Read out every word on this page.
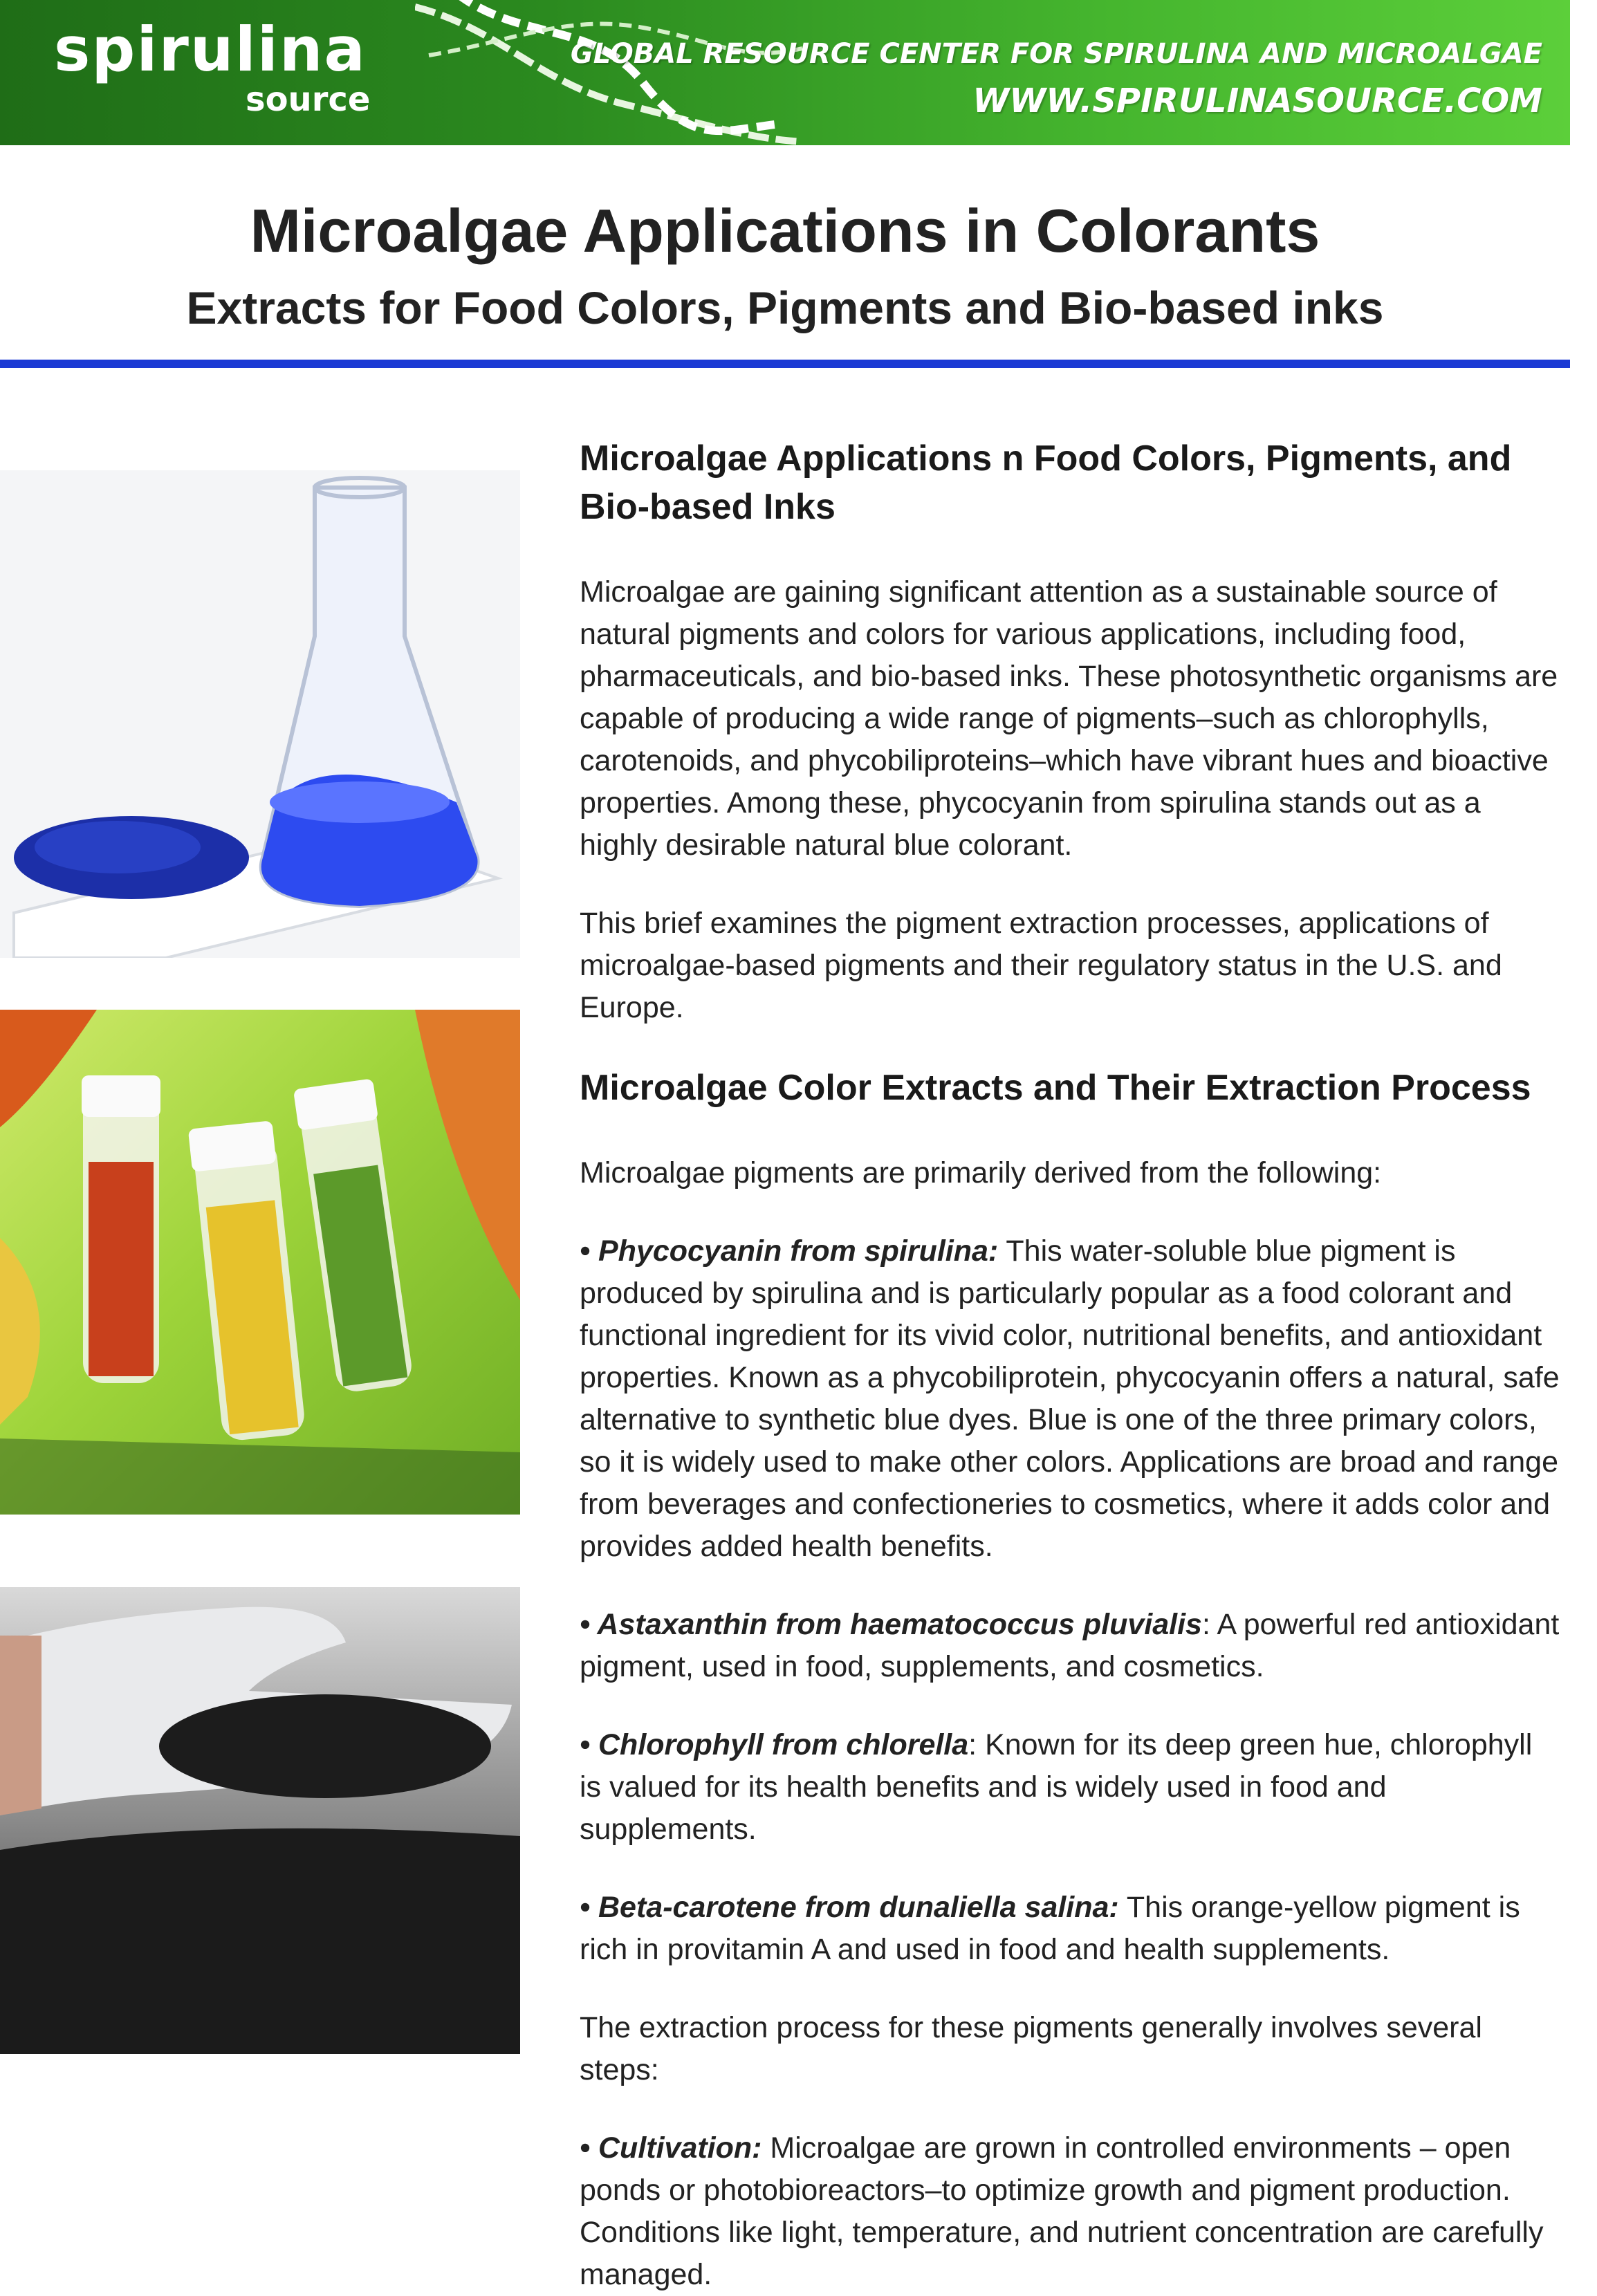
spirulina
source
GLOBAL RESOURCE CENTER FOR SPIRULINA AND MICROALGAE
WWW.SPIRULINASOURCE.COM
Microalgae Applications in Colorants
Extracts for Food Colors, Pigments and Bio-based inks
Microalgae Applications n Food Colors, Pigments, and Bio-based Inks

Microalgae are gaining significant attention as a sustainable source of natural pigments and colors for various applications, including food, pharmaceuticals, and bio-based inks. These photosynthetic organisms are capable of producing a wide range of pigments–such as chlorophylls, carotenoids, and phycobiliproteins–which have vibrant hues and bioactive properties. Among these, phycocyanin from spirulina stands out as a highly desirable natural blue colorant.

This brief examines the pigment extraction processes, applications of microalgae-based pigments and their regulatory status in the U.S. and Europe.

Microalgae Color Extracts and Their Extraction Process

Microalgae pigments are primarily derived from the following:

• Phycocyanin from spirulina: This water-soluble blue pigment is produced by spirulina and is particularly popular as a food colorant and functional ingredient for its vivid color, nutritional benefits, and antioxidant properties. Known as a phycobiliprotein, phycocyanin offers a natural, safe alternative to synthetic blue dyes. Blue is one of the three primary colors, so it is widely used to make other colors. Applications are broad and range from beverages and confectioneries to cosmetics, where it adds color and provides added health benefits.

• Astaxanthin from haematococcus pluvialis: A powerful red antioxidant pigment, used in food, supplements, and cosmetics.

• Chlorophyll from chlorella: Known for its deep green hue, chlorophyll is valued for its health benefits and is widely used in food and supplements.

• Beta-carotene from dunaliella salina: This orange-yellow pigment is rich in provitamin A and used in food and health supplements.

The extraction process for these pigments generally involves several steps:

• Cultivation: Microalgae are grown in controlled environments – open ponds or photobioreactors–to optimize growth and pigment production. Conditions like light, temperature, and nutrient concentration are carefully managed.
